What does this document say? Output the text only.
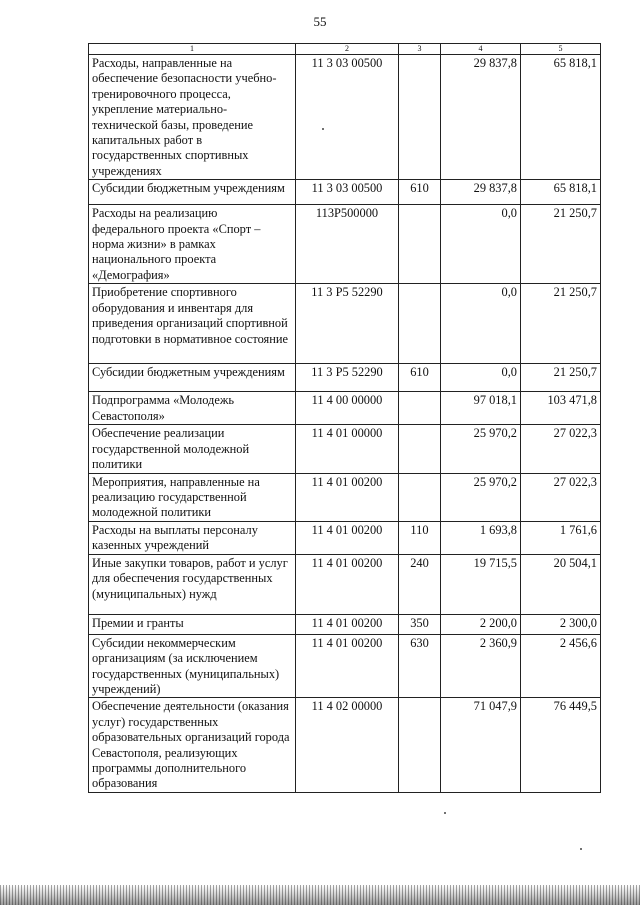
55
1	2	3	4	5
Расходы, направленные на обеспечение безопасности учебно-тренировочного процесса, укрепление материально-технической базы, проведение капитальных работ в государственных спортивных учреждениях	11 3 03 00500		29 837,8	65 818,1
Субсидии бюджетным учреждениям	11 3 03 00500	610	29 837,8	65 818,1
Расходы на реализацию федерального проекта «Спорт – норма жизни» в рамках национального проекта «Демография»	113P500000		0,0	21 250,7
Приобретение спортивного оборудования и инвентаря для приведения организаций спортивной подготовки в нормативное состояние	11 3 P5 52290		0,0	21 250,7
Субсидии бюджетным учреждениям	11 3 P5 52290	610	0,0	21 250,7
Подпрограмма «Молодежь Севастополя»	11 4 00 00000		97 018,1	103 471,8
Обеспечение реализации государственной молодежной политики	11 4 01 00000		25 970,2	27 022,3
Мероприятия, направленные на реализацию государственной молодежной политики	11 4 01 00200		25 970,2	27 022,3
Расходы на выплаты персоналу казенных учреждений	11 4 01 00200	110	1 693,8	1 761,6
Иные закупки товаров, работ и услуг для обеспечения государственных (муниципальных) нужд	11 4 01 00200	240	19 715,5	20 504,1
Премии и гранты	11 4 01 00200	350	2 200,0	2 300,0
Субсидии некоммерческим организациям (за исключением государственных (муниципальных) учреждений)	11 4 01 00200	630	2 360,9	2 456,6
Обеспечение деятельности (оказания услуг) государственных образовательных организаций города Севастополя, реализующих программы дополнительного образования	11 4 02 00000		71 047,9	76 449,5
